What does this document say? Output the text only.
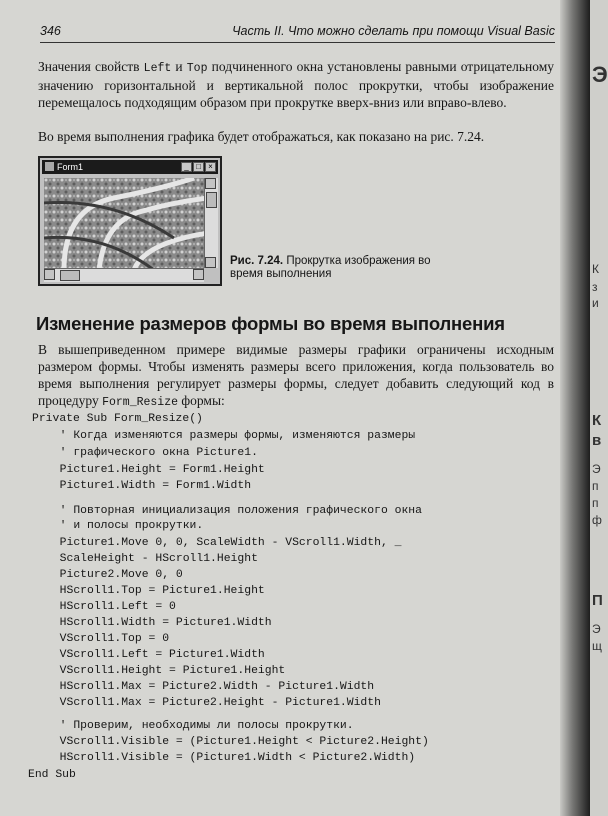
346	Часть II. Что можно сделать при помощи Visual Basic
Значения свойств Left и Top подчиненного окна установлены равными отрицательному значению горизонтальной и вертикальной полос прокрутки, чтобы изображение перемещалось подходящим образом при прокрутке вверх-вниз или вправо-влево.
Во время выполнения графика будет отображаться, как показано на рис. 7.24.
Form1	_ □ ×
Рис. 7.24. Прокрутка изображения во время выполнения
Изменение размеров формы во время выполнения
В вышеприведенном примере видимые размеры графики ограничены исходным размером формы. Чтобы изменять размеры всего приложения, когда пользователь во время выполнения регулирует размеры формы, следует добавить следующий код в процедуру Form_Resize формы:
Private Sub Form_Resize()
' Когда изменяются размеры формы, изменяются размеры
' графического окна Picture1.
Picture1.Height = Form1.Height
Picture1.Width = Form1.Width
' Повторная инициализация положения графического окна
' и полосы прокрутки.
Picture1.Move 0, 0, ScaleWidth - VScroll1.Width, _
ScaleHeight - HScroll1.Height
Picture2.Move 0, 0
HScroll1.Top = Picture1.Height
HScroll1.Left = 0
HScroll1.Width = Picture1.Width
VScroll1.Top = 0
VScroll1.Left = Picture1.Width
VScroll1.Height = Picture1.Height
HScroll1.Max = Picture2.Width - Picture1.Width
VScroll1.Max = Picture2.Height - Picture1.Width
' Проверим, необходимы ли полосы прокрутки.
VScroll1.Visible = (Picture1.Height < Picture2.Height)
HScroll1.Visible = (Picture1.Width < Picture2.Width)
End Sub
Э
К
з
и
К
в
Э
п
п
ф
П
Э
щ
